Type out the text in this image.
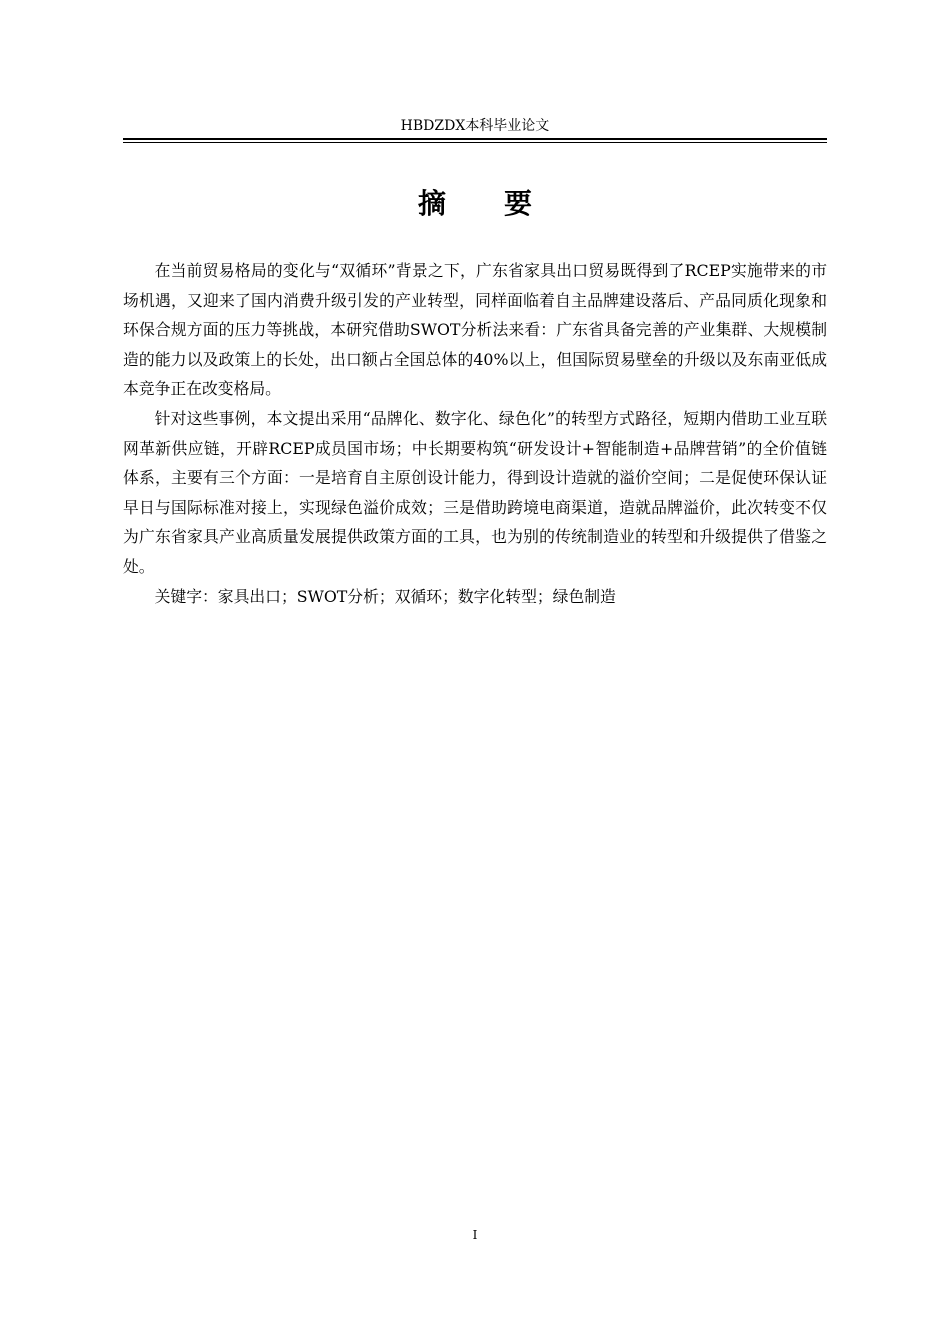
HBDZDX本科毕业论文
摘 要

在当前贸易格局的变化与“双循环”背景之下，广东省家具出口贸易既得到了RCEP实施带来的市场机遇，又迎来了国内消费升级引发的产业转型，同样面临着自主品牌建设落后、产品同质化现象和环保合规方面的压力等挑战，本研究借助SWOT分析法来看：广东省具备完善的产业集群、大规模制造的能力以及政策上的长处，出口额占全国总体的40%以上，但国际贸易壁垒的升级以及东南亚低成本竞争正在改变格局。

针对这些事例，本文提出采用“品牌化、数字化、绿色化”的转型方式路径，短期内借助工业互联网革新供应链，开辟RCEP成员国市场；中长期要构筑“研发设计+智能制造+品牌营销”的全价值链体系，主要有三个方面：一是培育自主原创设计能力，得到设计造就的溢价空间；二是促使环保认证早日与国际标准对接上，实现绿色溢价成效；三是借助跨境电商渠道，造就品牌溢价，此次转变不仅为广东省家具产业高质量发展提供政策方面的工具，也为别的传统制造业的转型和升级提供了借鉴之处。

关键字：家具出口；SWOT分析；双循环；数字化转型；绿色制造

I
